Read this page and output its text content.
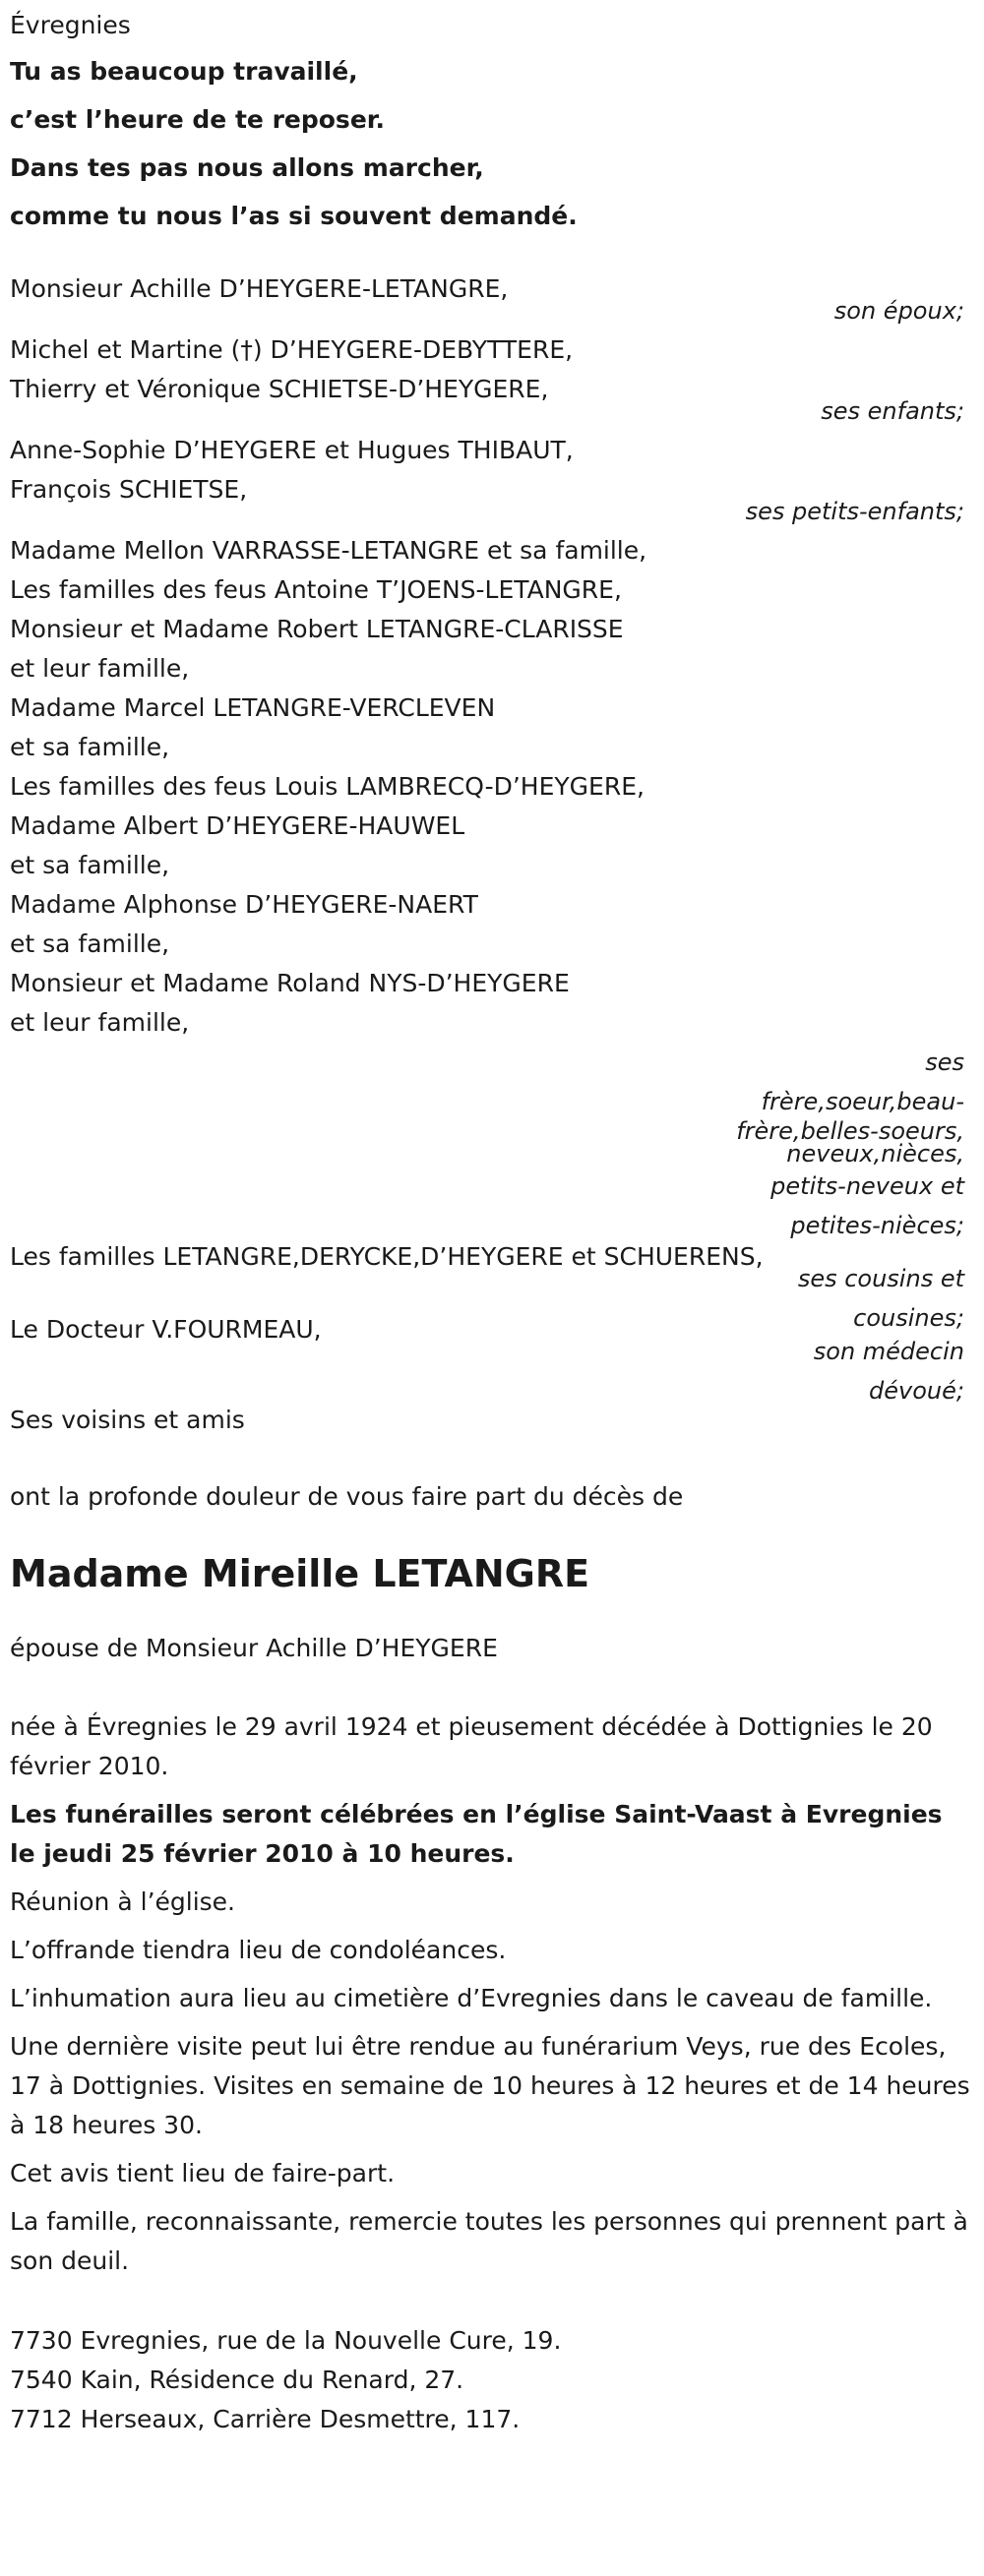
Évregnies
Tu as beaucoup travaillé,
c’est l’heure de te reposer.
Dans tes pas nous allons marcher,
comme tu nous l’as si souvent demandé.
Monsieur Achille D’HEYGERE-LETANGRE,
son époux;
Michel et Martine (†) D’HEYGERE-DEBYTTERE,
Thierry et Véronique SCHIETSE-D’HEYGERE,
ses enfants;
Anne-Sophie D’HEYGERE et Hugues THIBAUT,
François SCHIETSE,
ses petits-enfants;
Madame Mellon VARRASSE-LETANGRE et sa famille,
Les familles des feus Antoine T’JOENS-LETANGRE,
Monsieur et Madame Robert LETANGRE-CLARISSE
et leur famille,
Madame Marcel LETANGRE-VERCLEVEN
et sa famille,
Les familles des feus Louis LAMBRECQ-D’HEYGERE,
Madame Albert D’HEYGERE-HAUWEL
et sa famille,
Madame Alphonse D’HEYGERE-NAERT
et sa famille,
Monsieur et Madame Roland NYS-D’HEYGERE
et leur famille,
ses
frère,soeur,beau-
frère,belles-soeurs,
neveux,nièces,
petits-neveux et
petites-nièces;
Les familles LETANGRE,DERYCKE,D’HEYGERE et SCHUERENS,
ses cousins et
cousines;
Le Docteur V.FOURMEAU,
son médecin
dévoué;
Ses voisins et amis
ont la profonde douleur de vous faire part du décès de
Madame Mireille LETANGRE
épouse de Monsieur Achille D’HEYGERE

née à Évregnies le 29 avril 1924 et pieusement décédée à Dottignies le 20 février 2010.

Les funérailles seront célébrées en l’église Saint-Vaast à Evregnies le jeudi 25 février 2010 à 10 heures.

Réunion à l’église.

L’offrande tiendra lieu de condoléances.

L’inhumation aura lieu au cimetière d’Evregnies dans le caveau de famille.

Une dernière visite peut lui être rendue au funérarium Veys, rue des Ecoles, 17 à Dottignies. Visites en semaine de 10 heures à 12 heures et de 14 heures à 18 heures 30.

Cet avis tient lieu de faire-part.

La famille, reconnaissante, remercie toutes les personnes qui prennent part à son deuil.

7730 Evregnies, rue de la Nouvelle Cure, 19.
7540 Kain, Résidence du Renard, 27.
7712 Herseaux, Carrière Desmettre, 117.
